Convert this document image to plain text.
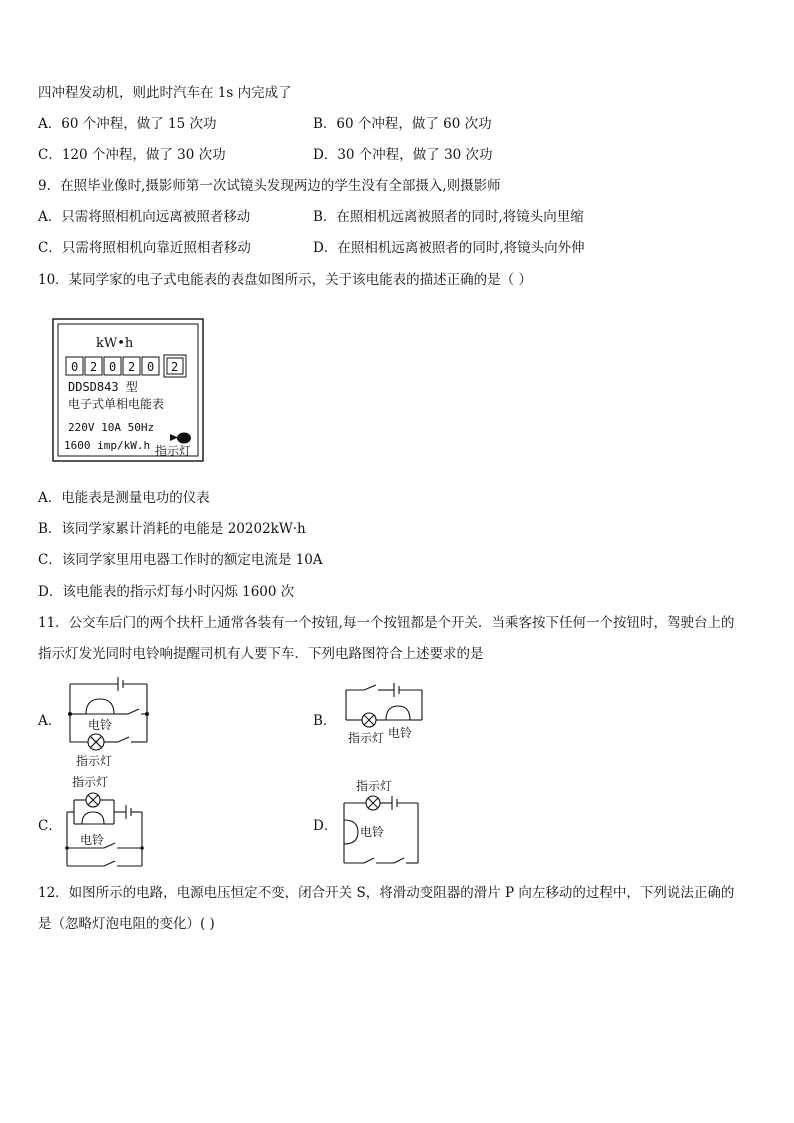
四冲程发动机，则此时汽车在 1s 内完成了
A．60 个冲程，做了 15 次功	B．60 个冲程，做了 60 次功
C．120 个冲程，做了 30 次功	D．30 个冲程，做了 30 次功
9．在照毕业像时,摄影师第一次试镜头发现两边的学生没有全部摄入,则摄影师
A．只需将照相机向远离被照者移动	B．在照相机远离被照者的同时,将镜头向里缩
C．只需将照相机向靠近照相者移动	D．在照相机远离被照者的同时,将镜头向外伸
10．某同学家的电子式电能表的表盘如图所示，关于该电能表的描述正确的是（ ）
kW•h
0 2 0 2 0 2
DDSD843 型
电子式单相电能表
220V 10A 50Hz
1600 imp/kW.h 指示灯
A．电能表是测量电功的仪表
B．该同学家累计消耗的电能是 20202kW·h
C．该同学家里用电器工作时的额定电流是 10A
D．该电能表的指示灯每小时闪烁 1600 次
11．公交车后门的两个扶杆上通常各装有一个按钮,每一个按钮都是个开关．当乘客按下任何一个按钮时，驾驶台上的
指示灯发光同时电铃响提醒司机有人要下车．下列电路图符合上述要求的是
A． 电铃
指示灯
B．
指示灯 电铃
C．
指示灯
电铃
D．
指示灯
电铃
12．如图所示的电路，电源电压恒定不变，闭合开关 S，将滑动变阻器的滑片 P 向左移动的过程中，下列说法正确的
是（忽略灯泡电阻的变化）( )
